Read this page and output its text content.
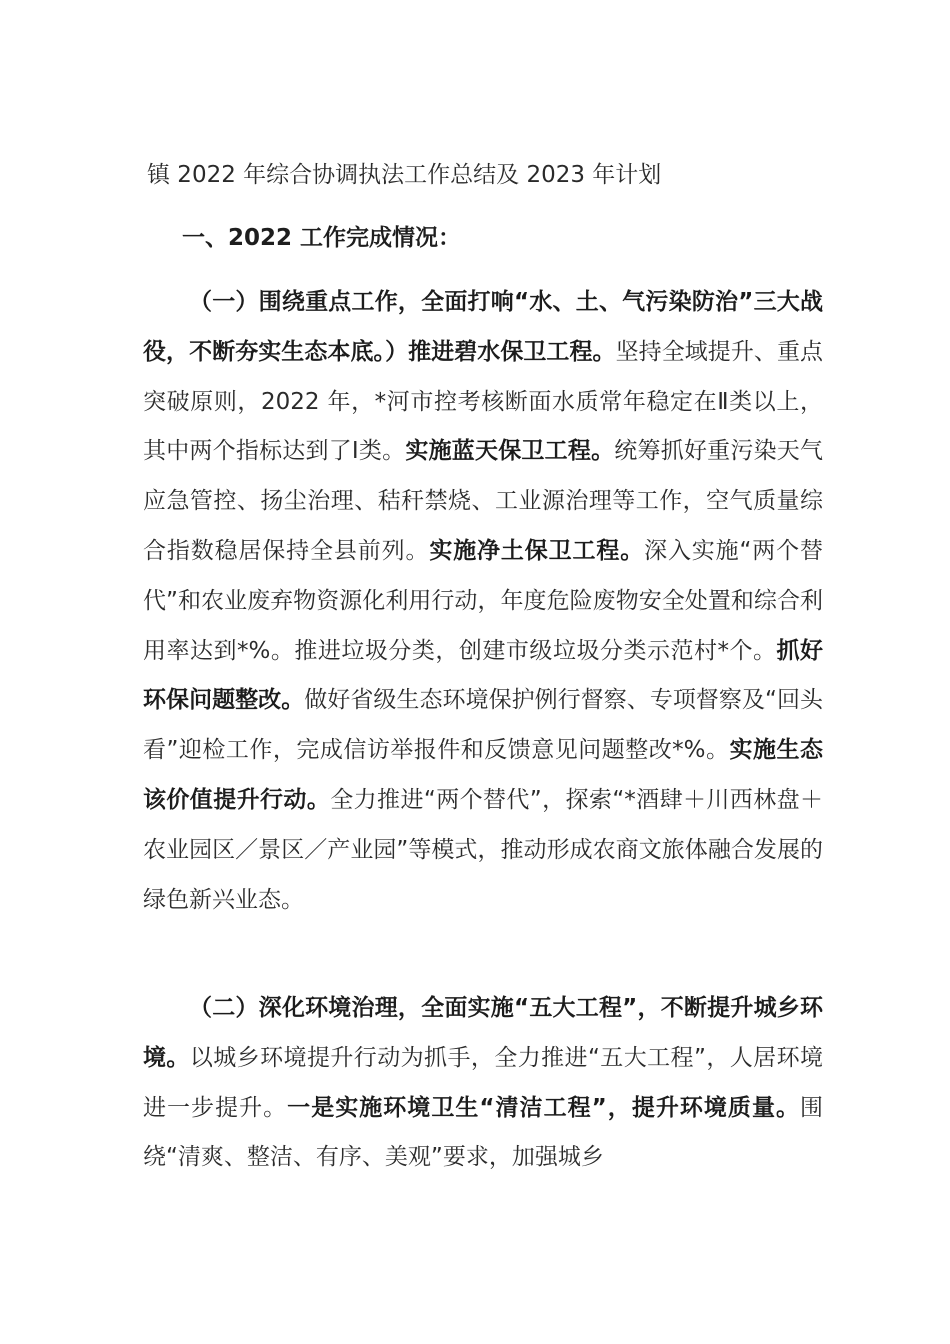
镇 2022 年综合协调执法工作总结及 2023 年计划
一、2022 工作完成情况：

（一）围绕重点工作，全面打响“水、土、气污染防治”三大战役，不断夯实生态本底。）推进碧水保卫工程。坚持全域提升、重点突破原则，2022 年，*河市控考核断面水质常年稳定在Ⅱ类以上，其中两个指标达到了Ⅰ类。实施蓝天保卫工程。统筹抓好重污染天气应急管控、扬尘治理、秸秆禁烧、工业源治理等工作，空气质量综合指数稳居保持全县前列。实施净土保卫工程。深入实施“两个替代”和农业废弃物资源化利用行动，年度危险废物安全处置和综合利用率达到*%。推进垃圾分类，创建市级垃圾分类示范村*个。抓好环保问题整改。做好省级生态环境保护例行督察、专项督察及“回头看”迎检工作，完成信访举报件和反馈意见问题整改*%。实施生态该价值提升行动。全力推进“两个替代”，探索“*酒肆＋川西林盘＋农业园区／景区／产业园”等模式，推动形成农商文旅体融合发展的绿色新兴业态。

（二）深化环境治理，全面实施“五大工程”，不断提升城乡环境。以城乡环境提升行动为抓手，全力推进“五大工程”，人居环境进一步提升。一是实施环境卫生“清洁工程”，提升环境质量。围绕“清爽、整洁、有序、美观”要求，加强城乡
